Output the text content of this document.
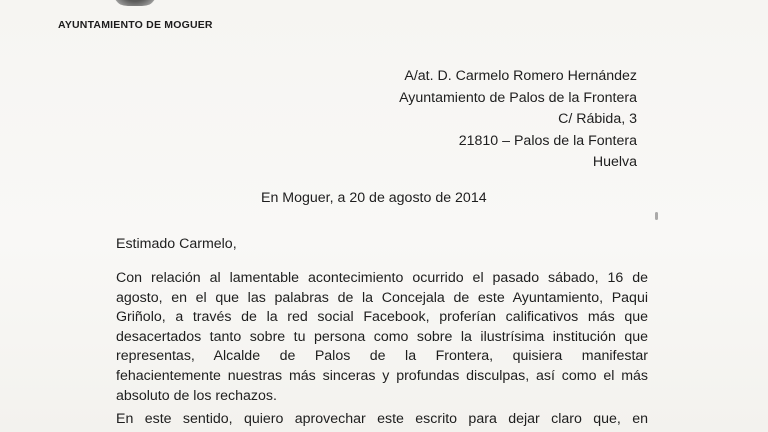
AYUNTAMIENTO DE MOGUER
A/at. D. Carmelo Romero Hernández
Ayuntamiento de Palos de la Frontera
C/ Rábida, 3
21810 – Palos de la Fontera
Huelva
En Moguer, a 20 de agosto de 2014
Estimado Carmelo,
Con relación al lamentable acontecimiento ocurrido el pasado sábado, 16 de
agosto, en el que las palabras de la Concejala de este Ayuntamiento, Paqui
Griñolo, a través de la red social Facebook, proferían calificativos más que
desacertados tanto sobre tu persona como sobre la ilustrísima institución que
representas, Alcalde de Palos de la Frontera, quisiera manifestar
fehacientemente nuestras más sinceras y profundas disculpas, así como el más
absoluto de los rechazos.
En este sentido, quiero aprovechar este escrito para dejar claro que, en
